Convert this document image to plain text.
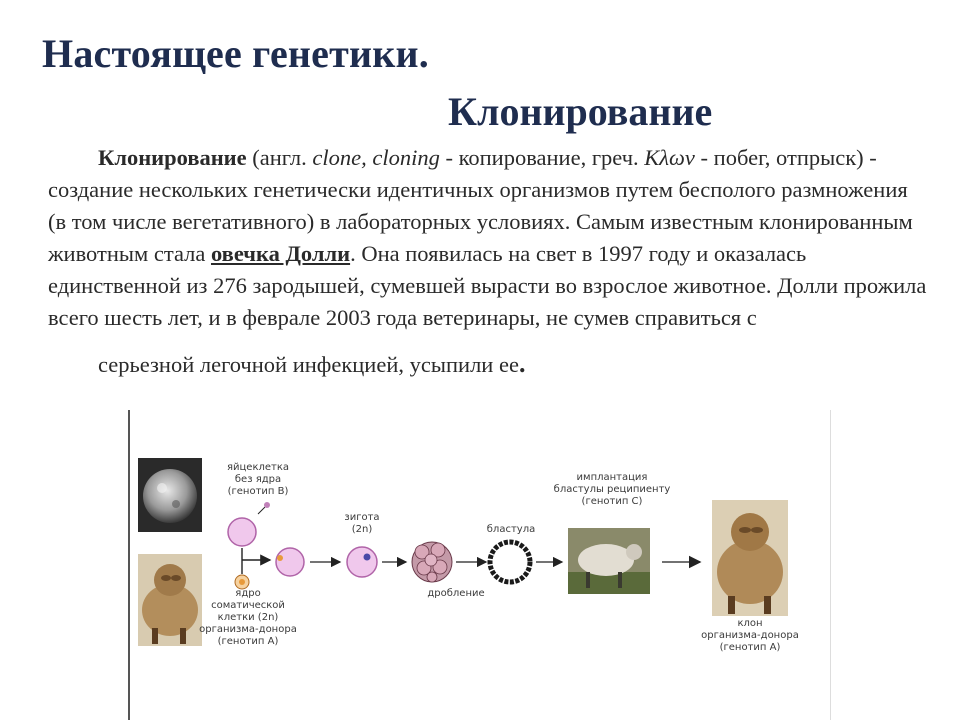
Настоящее генетики.
Клонирование

Клонирование (англ. clone, cloning - копирование, греч. Κλων - побег, отпрыск) - создание нескольких генетически идентичных организмов путем бесполого размножения (в том числе вегетативного) в лабораторных условиях. Самым известным клонированным животным стала овечка Долли. Она появилась на свет в 1997 году и оказалась единственной из 276 зародышей, сумевшей вырасти во взрослое животное. Долли прожила всего шесть лет, и в феврале 2003 года ветеринары, не сумев справиться с
серьезной легочной инфекцией, усыпили ее.

яйцеклетка
без ядра
(генотип B)
ядро соматической
клетки (2n)
организма-донора
(генотип A)
зигота
(2n)
дробление
бластула
имплантация
бластулы реципиенту
(генотип C)
клон
организма-донора
(генотип A)
